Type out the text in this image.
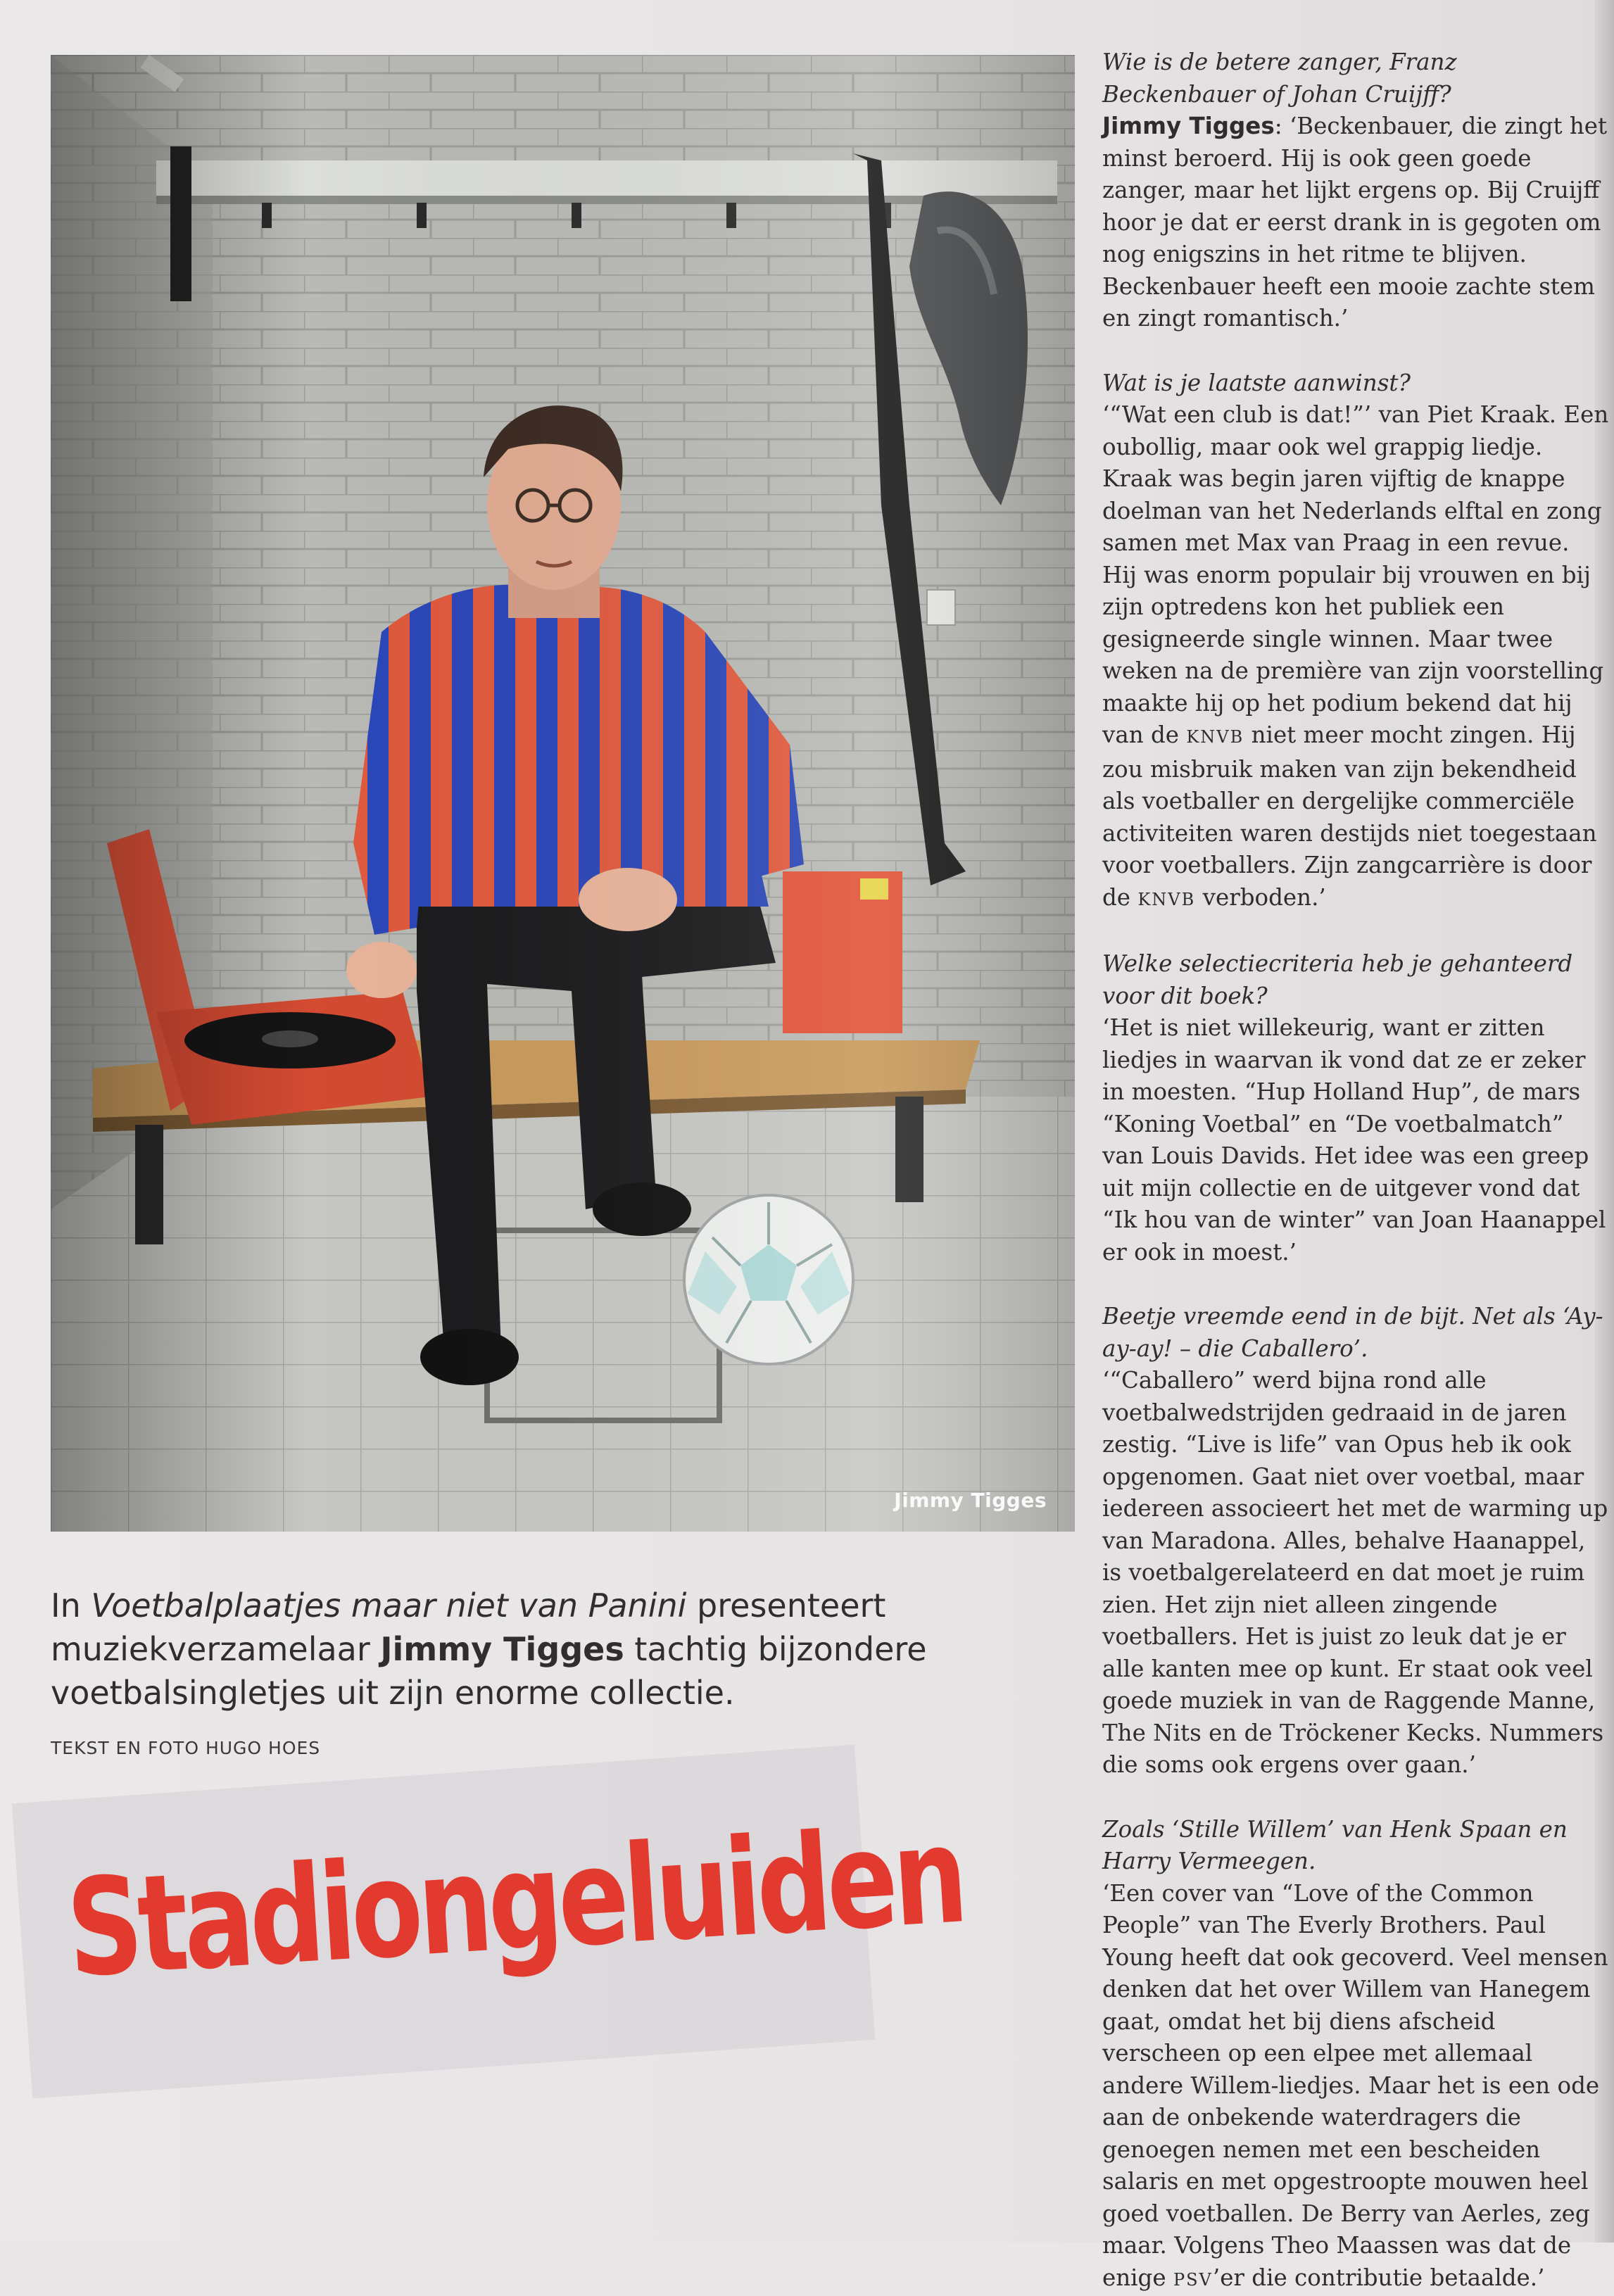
Jimmy Tigges
In Voetbalplaatjes maar niet van Panini presenteert muziekverzamelaar Jimmy Tigges tachtig bijzondere voetbalsingletjes uit zijn enorme collectie.
TEKST EN FOTO HUGO HOES
Stadiongeluiden

Wie is de betere zanger, Franz Beckenbauer of Johan Cruijff?

Jimmy Tigges: ‘Beckenbauer, die zingt het minst beroerd. Hij is ook geen goede zanger, maar het lijkt ergens op. Bij Cruijff hoor je dat er eerst drank in is gegoten om nog enigszins in het ritme te blijven. Beckenbauer heeft een mooie zachte stem en zingt romantisch.’

Wat is je laatste aanwinst?

‘“Wat een club is dat!”’ van Piet Kraak. Een oubollig, maar ook wel grappig liedje. Kraak was begin jaren vijftig de knappe doelman van het Nederlands elftal en zong samen met Max van Praag in een revue. Hij was enorm populair bij vrouwen en bij zijn optredens kon het publiek een gesigneerde single winnen. Maar twee weken na de première van zijn voorstelling maakte hij op het podium bekend dat hij van de KNVB niet meer mocht zingen. Hij zou misbruik maken van zijn bekendheid als voetballer en dergelijke commerciële activiteiten waren destijds niet toegestaan voor voetballers. Zijn zangcarrière is door de KNVB verboden.’

Welke selectiecriteria heb je gehanteerd voor dit boek?

‘Het is niet willekeurig, want er zitten liedjes in waarvan ik vond dat ze er zeker in moesten. “Hup Holland Hup”, de mars “Koning Voetbal” en “De voetbalmatch” van Louis Davids. Het idee was een greep uit mijn collectie en de uitgever vond dat “Ik hou van de winter” van Joan Haanappel er ook in moest.’

Beetje vreemde eend in de bijt. Net als ‘Ay-ay-ay! – die Caballero’.

‘“Caballero” werd bijna rond alle voetbalwedstrijden gedraaid in de jaren zestig. “Live is life” van Opus heb ik ook opgenomen. Gaat niet over voetbal, maar iedereen associeert het met de warming up van Maradona. Alles, behalve Haanappel, is voetbalgerelateerd en dat moet je ruim zien. Het zijn niet alleen zingende voetballers. Het is juist zo leuk dat je er alle kanten mee op kunt. Er staat ook veel goede muziek in van de Raggende Manne, The Nits en de Tröckener Kecks. Nummers die soms ook ergens over gaan.’

Zoals ‘Stille Willem’ van Henk Spaan en Harry Vermeegen.

‘Een cover van “Love of the Common People” van The Everly Brothers. Paul Young heeft dat ook gecoverd. Veel mensen denken dat het over Willem van Hanegem gaat, omdat het bij diens afscheid verscheen op een elpee met allemaal andere Willem-liedjes. Maar het is een ode aan de onbekende waterdragers die genoegen nemen met een bescheiden salaris en met opgestroopte mouwen heel goed voetballen. De Berry van Aerles, zeg maar. Volgens Theo Maassen was dat de enige PSV’er die contributie betaalde.’
